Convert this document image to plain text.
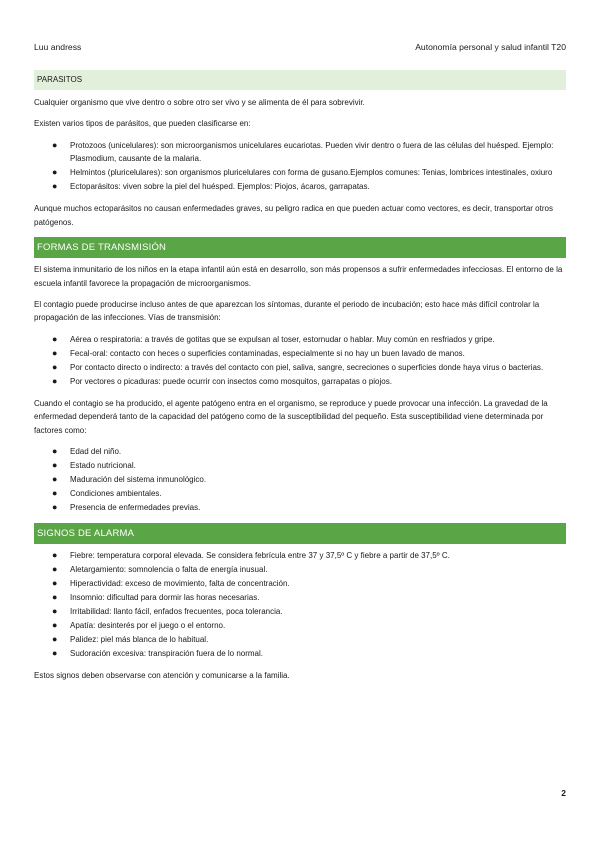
Luu andress	Autonomía personal y salud infantil T20
PARASITOS

Cualquier organismo que vive dentro o sobre otro ser vivo y se alimenta de él para sobrevivir.

Existen varios tipos de parásitos, que pueden clasificarse en:

● Protozoos (unicelulares): son microorganismos unicelulares eucariotas. Pueden vivir dentro o fuera de las células del huésped. Ejemplo: Plasmodium, causante de la malaria.
● Helmintos (pluricelulares): son organismos pluricelulares con forma de gusano.Ejemplos comunes: Tenias, lombrices intestinales, oxiuro
● Ectoparásitos: viven sobre la piel del huésped. Ejemplos: Piojos, ácaros, garrapatas.

Aunque muchos ectoparásitos no causan enfermedades graves, su peligro radica en que pueden actuar como vectores, es decir, transportar otros patógenos.

FORMAS DE TRANSMISIÓN

El sistema inmunitario de los niños en la etapa infantil aún está en desarrollo, son más propensos a sufrir enfermedades infecciosas. El entorno de la escuela infantil favorece la propagación de microorganismos.

El contagio puede producirse incluso antes de que aparezcan los síntomas, durante el periodo de incubación; esto hace más difícil controlar la propagación de las infecciones. Vías de transmisión:

● Aérea o respiratoria: a través de gotitas que se expulsan al toser, estornudar o hablar. Muy común en resfriados y gripe.
● Fecal-oral: contacto con heces o superficies contaminadas, especialmente si no hay un buen lavado de manos.
● Por contacto directo o indirecto: a través del contacto con piel, saliva, sangre, secreciones o superficies donde haya virus o bacterias.
● Por vectores o picaduras: puede ocurrir con insectos como mosquitos, garrapatas o piojos.

Cuando el contagio se ha producido, el agente patógeno entra en el organismo, se reproduce y puede provocar una infección. La gravedad de la enfermedad dependerá tanto de la capacidad del patógeno como de la susceptibilidad del pequeño. Esta susceptibilidad viene determinada por factores como:

● Edad del niño.
● Estado nutricional.
● Maduración del sistema inmunológico.
● Condiciones ambientales.
● Presencia de enfermedades previas.
SIGNOS DE ALARMA
● Fiebre: temperatura corporal elevada. Se considera febrícula entre 37 y 37,5º C y fiebre a partir de 37,5º C.
● Aletargamiento: somnolencia o falta de energía inusual.
● Hiperactividad: exceso de movimiento, falta de concentración.
● Insomnio: dificultad para dormir las horas necesarias.
● Irritabilidad: llanto fácil, enfados frecuentes, poca tolerancia.
● Apatía: desinterés por el juego o el entorno.
● Palidez: piel más blanca de lo habitual.
● Sudoración excesiva: transpiración fuera de lo normal.

Estos signos deben observarse con atención y comunicarse a la familia.

2
